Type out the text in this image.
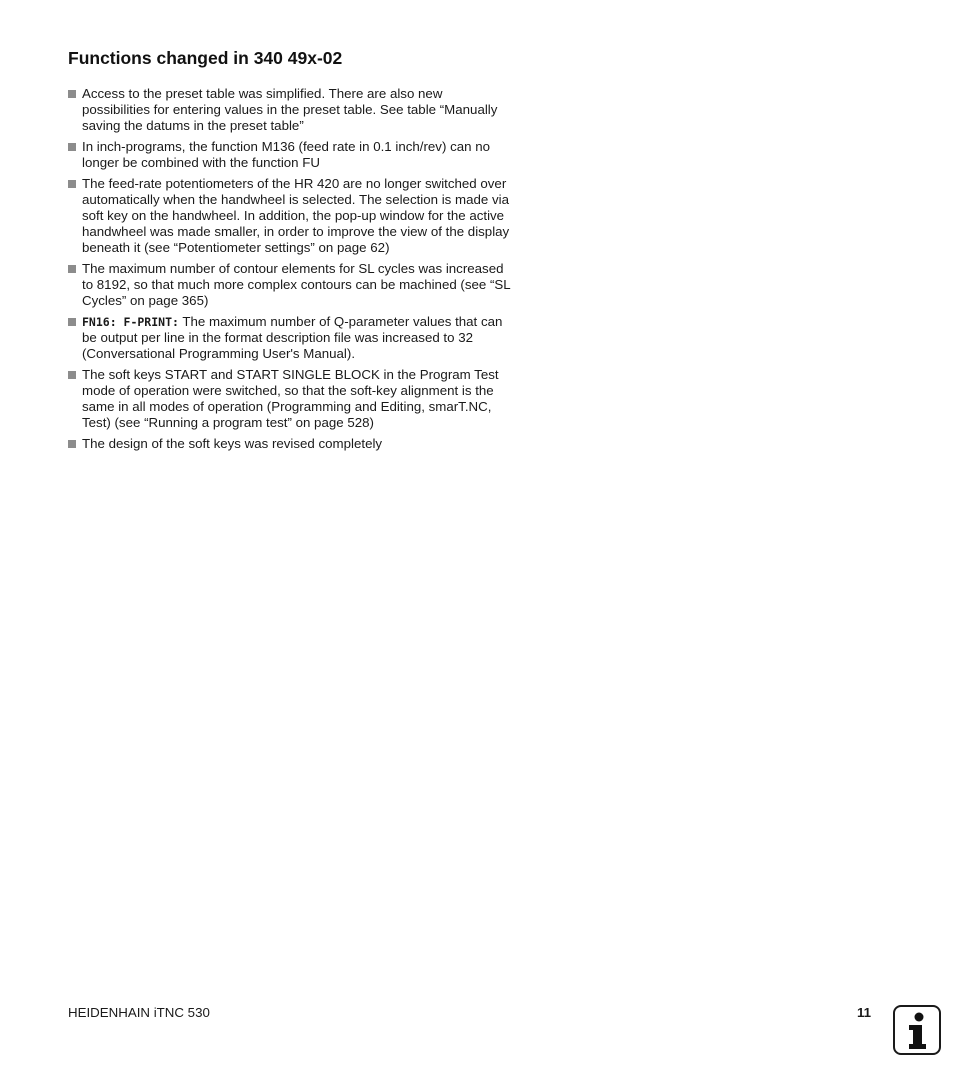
Functions changed in 340 49x-02
Access to the preset table was simplified. There are also new possibilities for entering values in the preset table. See table “Manually saving the datums in the preset table”
In inch-programs, the function M136 (feed rate in 0.1 inch/rev) can no longer be combined with the function FU
The feed-rate potentiometers of the HR 420 are no longer switched over automatically when the handwheel is selected. The selection is made via soft key on the handwheel. In addition, the pop-up window for the active handwheel was made smaller, in order to improve the view of the display beneath it (see “Potentiometer settings” on page 62)
The maximum number of contour elements for SL cycles was increased to 8192, so that much more complex contours can be machined (see “SL Cycles” on page 365)
FN16: F-PRINT: The maximum number of Q-parameter values that can be output per line in the format description file was increased to 32 (Conversational Programming User's Manual).
The soft keys START and START SINGLE BLOCK in the Program Test mode of operation were switched, so that the soft-key alignment is the same in all modes of operation (Programming and Editing, smarT.NC, Test) (see “Running a program test” on page 528)
The design of the soft keys was revised completely
HEIDENHAIN iTNC 530	11
